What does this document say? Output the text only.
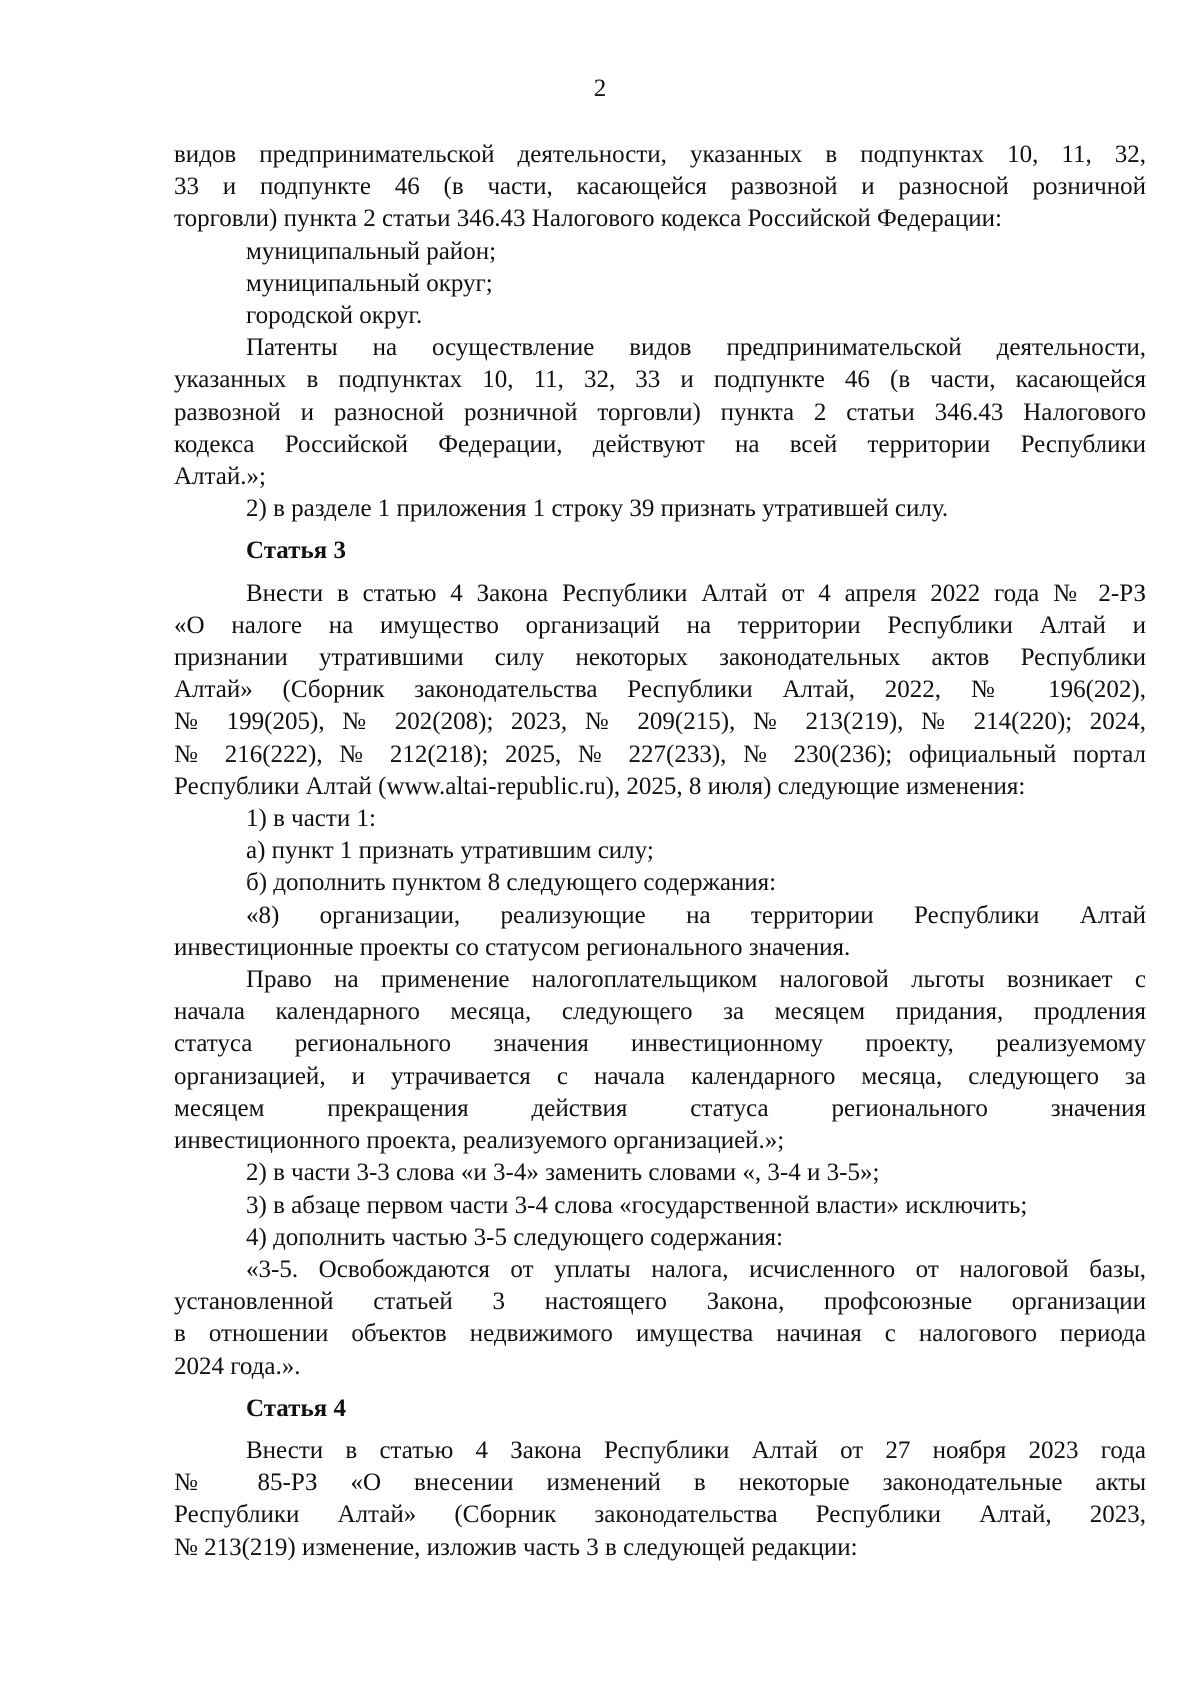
2

видов предпринимательской деятельности, указанных в подпунктах 10, 11, 32,

33 и подпункте 46 (в части, касающейся развозной и разносной розничной

торговли) пункта 2 статьи 346.43 Налогового кодекса Российской Федерации:

муниципальный район;

муниципальный округ;

городской округ.

Патенты на осуществление видов предпринимательской деятельности,

указанных в подпунктах 10, 11, 32, 33 и подпункте 46 (в части, касающейся

развозной и разносной розничной торговли) пункта 2 статьи 346.43 Налогового

кодекса Российской Федерации, действуют на всей территории Республики

Алтай.»;

2) в разделе 1 приложения 1 строку 39 признать утратившей силу.

Статья 3

Внести в статью 4 Закона Республики Алтай от 4 апреля 2022 года № 2-РЗ

«О налоге на имущество организаций на территории Республики Алтай и

признании утратившими силу некоторых законодательных актов Республики

Алтай» (Сборник законодательства Республики Алтай, 2022, № 196(202),

№ 199(205), № 202(208); 2023, № 209(215), № 213(219), № 214(220); 2024,

№ 216(222), № 212(218); 2025, № 227(233), № 230(236); официальный портал

Республики Алтай (www.altai-republic.ru), 2025, 8 июля) следующие изменения:

1) в части 1:

а) пункт 1 признать утратившим силу;

б) дополнить пунктом 8 следующего содержания:

«8) организации, реализующие на территории Республики Алтай

инвестиционные проекты со статусом регионального значения.

Право на применение налогоплательщиком налоговой льготы возникает с

начала календарного месяца, следующего за месяцем придания, продления

статуса регионального значения инвестиционному проекту, реализуемому

организацией, и утрачивается с начала календарного месяца, следующего за

месяцем прекращения действия статуса регионального значения

инвестиционного проекта, реализуемого организацией.»;

2) в части 3-3 слова «и 3-4» заменить словами «, 3-4 и 3-5»;

3) в абзаце первом части 3-4 слова «государственной власти» исключить;

4) дополнить частью 3-5 следующего содержания:

«3-5. Освобождаются от уплаты налога, исчисленного от налоговой базы,

установленной статьей 3 настоящего Закона, профсоюзные организации

в отношении объектов недвижимого имущества начиная с налогового периода

2024 года.».

Статья 4

Внести в статью 4 Закона Республики Алтай от 27 ноября 2023 года

№ 85-РЗ «О внесении изменений в некоторые законодательные акты

Республики Алтай» (Сборник законодательства Республики Алтай, 2023,

№ 213(219) изменение, изложив часть 3 в следующей редакции:
